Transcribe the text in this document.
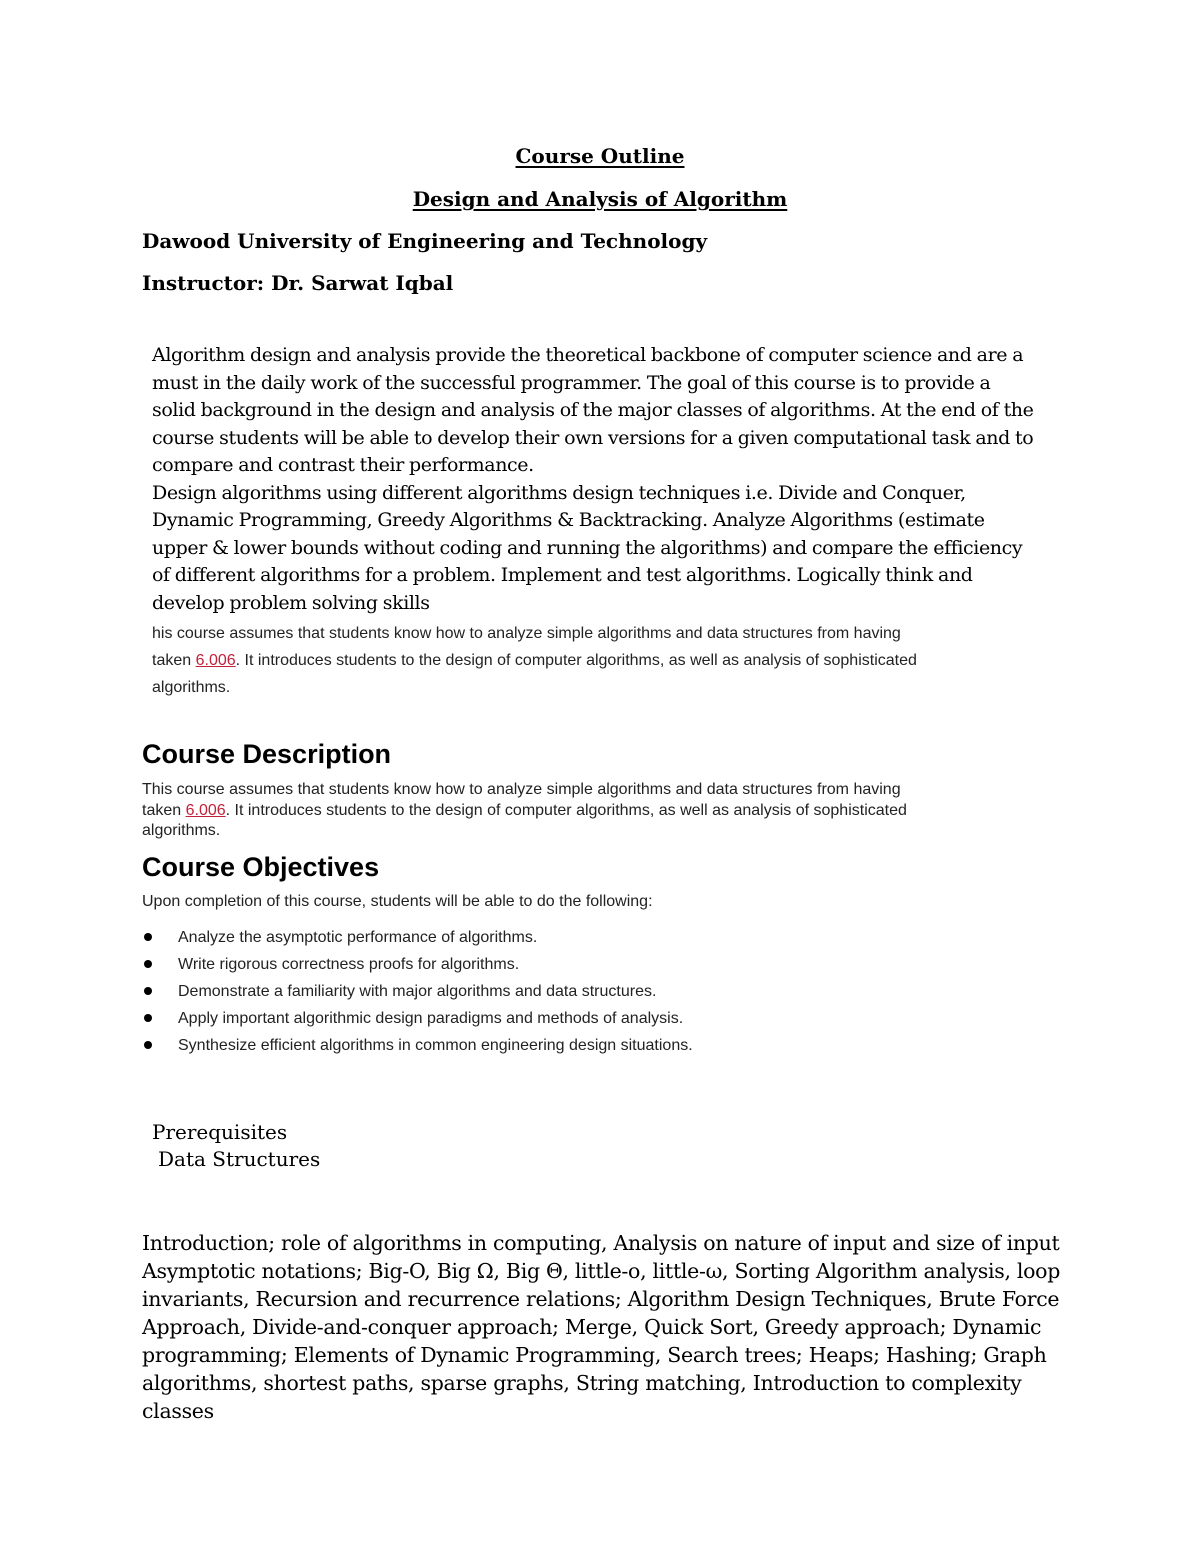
Course Outline
Design and Analysis of Algorithm
Dawood University of Engineering and Technology
Instructor: Dr. Sarwat Iqbal
Algorithm design and analysis provide the theoretical backbone of computer science and are a
must in the daily work of the successful programmer. The goal of this course is to provide a
solid background in the design and analysis of the major classes of algorithms. At the end of the
course students will be able to develop their own versions for a given computational task and to
compare and contrast their performance.
Design algorithms using different algorithms design techniques i.e. Divide and Conquer,
Dynamic Programming, Greedy Algorithms & Backtracking. Analyze Algorithms (estimate
upper & lower bounds without coding and running the algorithms) and compare the efficiency
of different algorithms for a problem. Implement and test algorithms. Logically think and
develop problem solving skills
his course assumes that students know how to analyze simple algorithms and data structures from having
taken 6.006. It introduces students to the design of computer algorithms, as well as analysis of sophisticated
algorithms.
Course Description
This course assumes that students know how to analyze simple algorithms and data structures from having
taken 6.006. It introduces students to the design of computer algorithms, as well as analysis of sophisticated
algorithms.
Course Objectives
Upon completion of this course, students will be able to do the following:
Analyze the asymptotic performance of algorithms.
Write rigorous correctness proofs for algorithms.
Demonstrate a familiarity with major algorithms and data structures.
Apply important algorithmic design paradigms and methods of analysis.
Synthesize efficient algorithms in common engineering design situations.
Prerequisites
Data Structures
Introduction; role of algorithms in computing, Analysis on nature of input and size of input
Asymptotic notations; Big-O, Big Ω, Big Θ, little-o, little-ω, Sorting Algorithm analysis, loop
invariants, Recursion and recurrence relations; Algorithm Design Techniques, Brute Force
Approach, Divide-and-conquer approach; Merge, Quick Sort, Greedy approach; Dynamic
programming; Elements of Dynamic Programming, Search trees; Heaps; Hashing; Graph
algorithms, shortest paths, sparse graphs, String matching, Introduction to complexity classes
